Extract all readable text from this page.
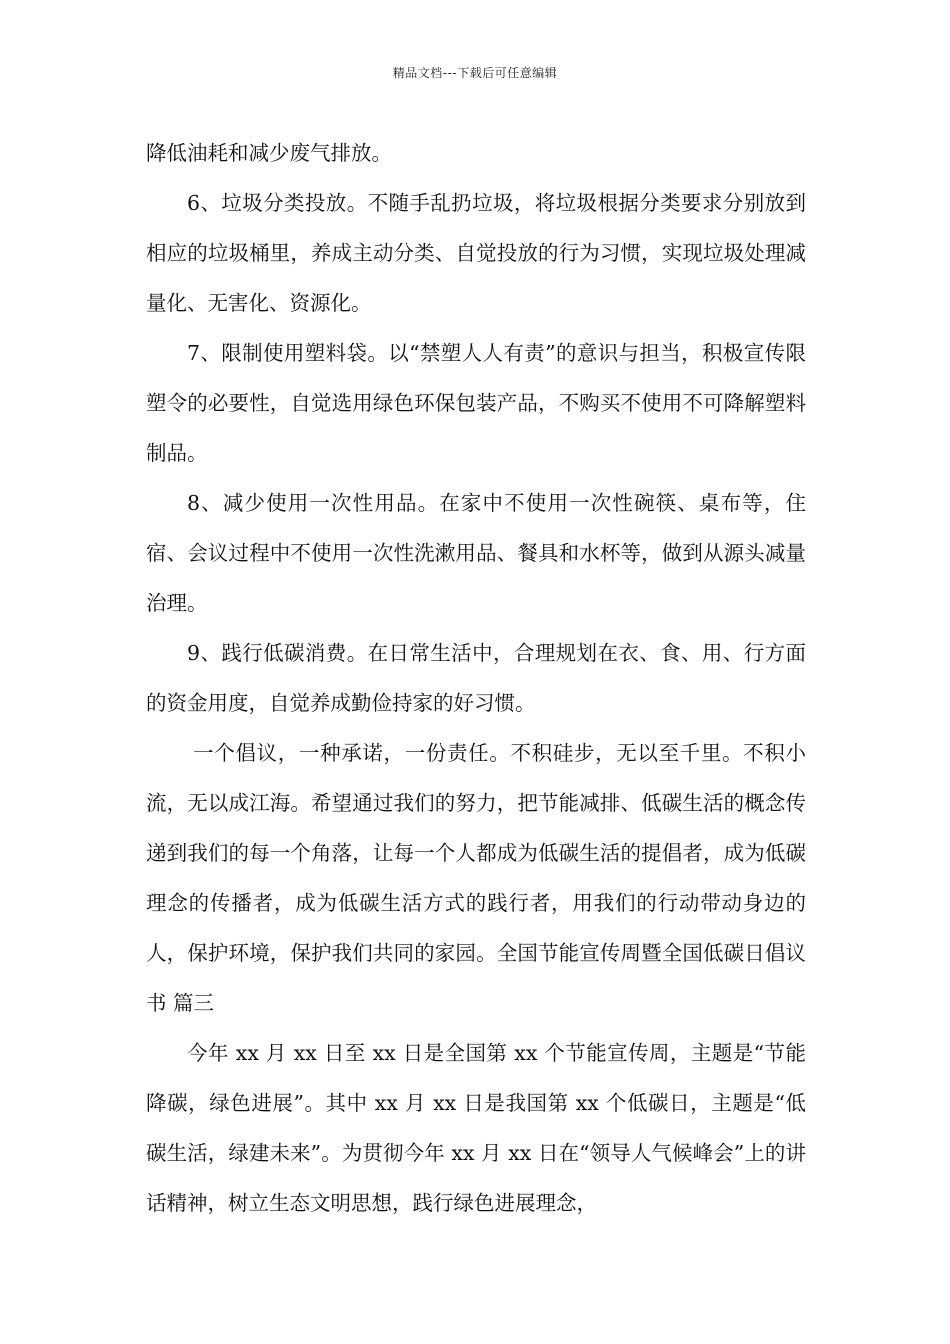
精品文档---下载后可任意编辑

降低油耗和减少废气排放。

6、垃圾分类投放。不随手乱扔垃圾，将垃圾根据分类要求分别放到相应的垃圾桶里，养成主动分类、自觉投放的行为习惯，实现垃圾处理减量化、无害化、资源化。

7、限制使用塑料袋。以“禁塑人人有责”的意识与担当，积极宣传限塑令的必要性，自觉选用绿色环保包装产品，不购买不使用不可降解塑料制品。

8、减少使用一次性用品。在家中不使用一次性碗筷、桌布等，住宿、会议过程中不使用一次性洗漱用品、餐具和水杯等，做到从源头减量治理。

9、践行低碳消费。在日常生活中，合理规划在衣、食、用、行方面的资金用度，自觉养成勤俭持家的好习惯。

一个倡议，一种承诺，一份责任。不积硅步，无以至千里。不积小流，无以成江海。希望通过我们的努力，把节能减排、低碳生活的概念传递到我们的每一个角落，让每一个人都成为低碳生活的提倡者，成为低碳理念的传播者，成为低碳生活方式的践行者，用我们的行动带动身边的人，保护环境，保护我们共同的家园。全国节能宣传周暨全国低碳日倡议书 篇三

今年 xx 月 xx 日至 xx 日是全国第 xx 个节能宣传周，主题是“节能降碳，绿色进展”。其中 xx 月 xx 日是我国第 xx 个低碳日，主题是“低碳生活，绿建未来”。为贯彻今年 xx 月 xx 日在“领导人气候峰会”上的讲话精神，树立生态文明思想，践行绿色进展理念，
